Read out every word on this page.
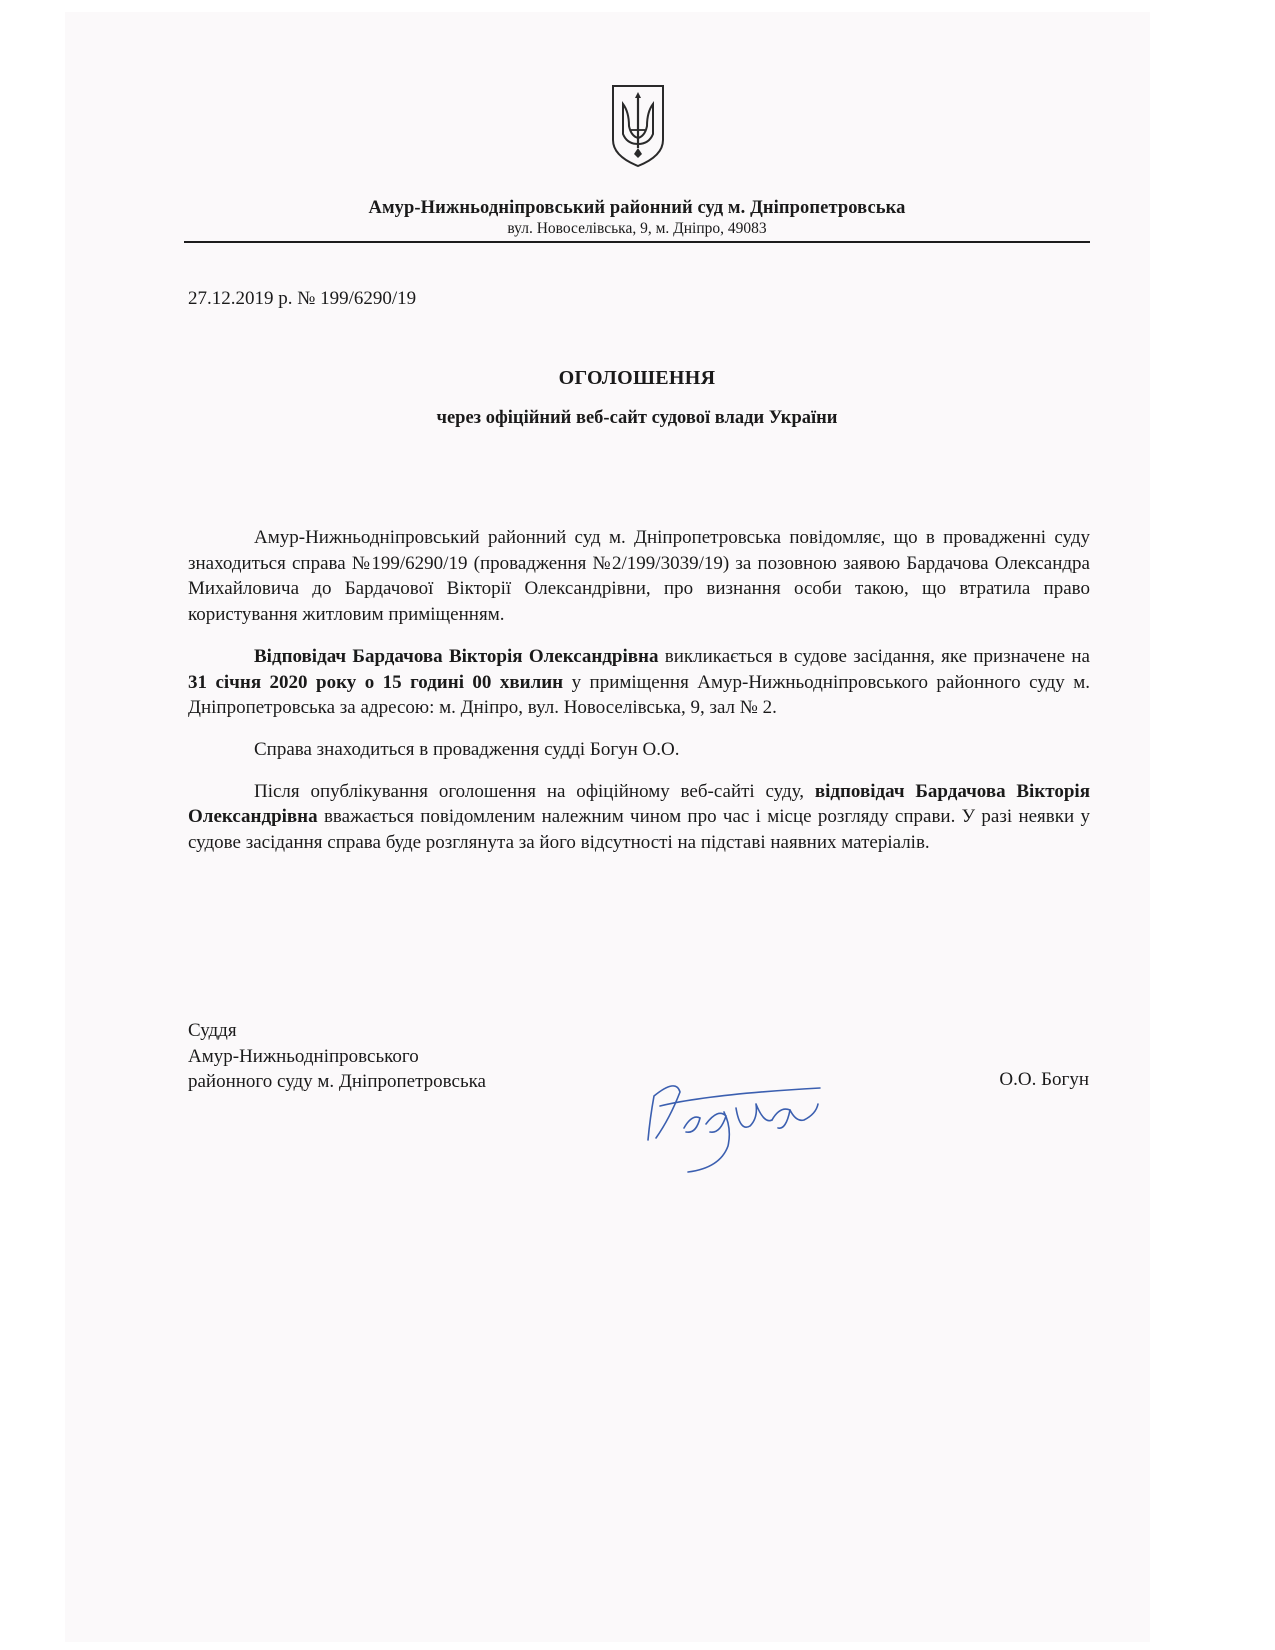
Амур-Нижньодніпровський районний суд м. Дніпропетровська
вул. Новоселівська, 9, м. Дніпро, 49083
27.12.2019 р. № 199/6290/19
ОГОЛОШЕННЯ
через офіційний веб-сайт судової влади України

Амур-Нижньодніпровський районний суд м. Дніпропетровська повідомляє, що в провадженні суду знаходиться справа №199/6290/19 (провадження №2/199/3039/19) за позовною заявою Бардачова Олександра Михайловича до Бардачової Вікторії Олександрівни, про визнання особи такою, що втратила право користування житловим приміщенням.

Відповідач Бардачова Вікторія Олександрівна викликається в судове засідання, яке призначене на 31 січня 2020 року о 15 годині 00 хвилин у приміщення Амур-Нижньодніпровського районного суду м. Дніпропетровська за адресою: м. Дніпро, вул. Новоселівська, 9, зал № 2.

Справа знаходиться в провадження судді Богун О.О.

Після опублікування оголошення на офіційному веб-сайті суду, відповідач Бардачова Вікторія Олександрівна вважається повідомленим належним чином про час і місце розгляду справи. У разі неявки у судове засідання справа буде розглянута за його відсутності на підставі наявних матеріалів.

Суддя
Амур-Нижньодніпровського
районного суду м. Дніпропетровська	О.О. Богун
